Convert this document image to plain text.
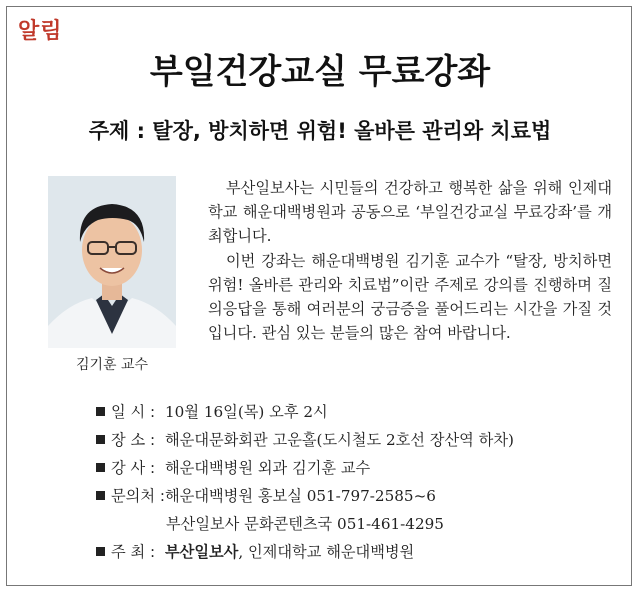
알림
부일건강교실 무료강좌
주제 : 탈장, 방치하면 위험! 올바른 관리와 치료법
김기훈 교수

부산일보사는 시민들의 건강하고 행복한 삶을 위해 인제대학교 해운대백병원과 공동으로 ‘부일건강교실 무료강좌’를 개최합니다.

이번 강좌는 해운대백병원 김기훈 교수가 “탈장, 방치하면 위험! 올바른 관리와 치료법”이란 주제로 강의를 진행하며 질의응답을 통해 여러분의 궁금증을 풀어드리는 시간을 가질 것입니다. 관심 있는 분들의 많은 참여 바랍니다.

일 시 : 10월 16일(목) 오후 2시
장 소 : 해운대문화회관 고운홀(도시철도 2호선 장산역 하차)
강 사 : 해운대백병원 외과 김기훈 교수
문의처 :해운대백병원 홍보실 051-797-2585~6
부산일보사 문화콘텐츠국 051-461-4295
주 최 : 부산일보사, 인제대학교 해운대백병원
